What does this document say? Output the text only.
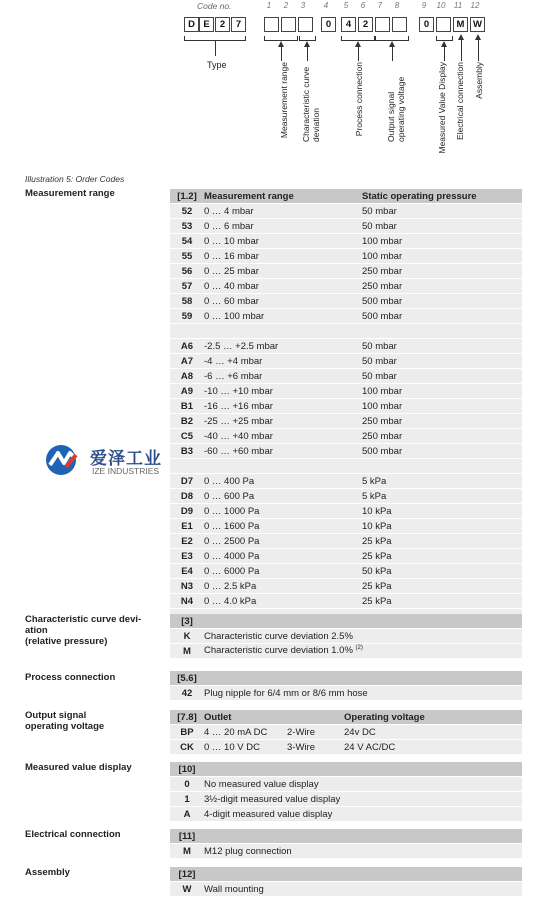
Code no.	1	2	3	4	5	6	7	8	9	10	11	12
D E	2	7	0	4	2	0	M W
Type	Measurement range Characteristic curve deviation	Process connection	Output signal operating voltage	Measured Value Display Electrical connection Assembly
Illustration 5: Order Codes
爱泽工业
IZE INDUSTRIES
Measurement range	[1.2] Measurement range	Static operating pressure
52	0 … 4 mbar	50 mbar
53	0 … 6 mbar	50 mbar
54	0 … 10 mbar	100 mbar
55	0 … 16 mbar	100 mbar
56	0 … 25 mbar	250 mbar
57	0 … 40 mbar	250 mbar
58	0 … 60 mbar	500 mbar
59	0 … 100 mbar	500 mbar
A6	-2.5 … +2.5 mbar	50 mbar
A7	-4 … +4 mbar	50 mbar
A8	-6 … +6 mbar	50 mbar
A9	-10 … +10 mbar	100 mbar
B1	-16 … +16 mbar	100 mbar
B2	-25 … +25 mbar	250 mbar
C5	-40 … +40 mbar	250 mbar
B3	-60 … +60 mbar	500 mbar
D7	0 … 400 Pa	5 kPa
D8	0 … 600 Pa	5 kPa
D9	0 … 1000 Pa	10 kPa
E1	0 … 1600 Pa	10 kPa
E2	0 … 2500 Pa	25 kPa
E3	0 … 4000 Pa	25 kPa
E4	0 … 6000 Pa	50 kPa
N3	0 … 2.5 kPa	25 kPa
N4	0 … 4.0 kPa	25 kPa
Characteristic curve devi-
ation
(relative pressure)
[3]
K	Characteristic curve deviation 2.5%
M	Characteristic curve deviation 1.0% $^{(2)}$
Process connection	[5.6]
42	Plug nipple for 6/4 mm or 8/6 mm hose
Output signal
operating voltage
[7.8] Outlet	Operating voltage
BP	4 … 20 mA DC	2-Wire	24v DC
CK	0 … 10 V DC	3-Wire	24 V AC/DC
Measured value display	[10]
0	No measured value display
1	3½-digit measured value display
A	4-digit measured value display
Electrical connection	[11]
M	M12 plug connection
Assembly	[12]
W	Wall mounting
